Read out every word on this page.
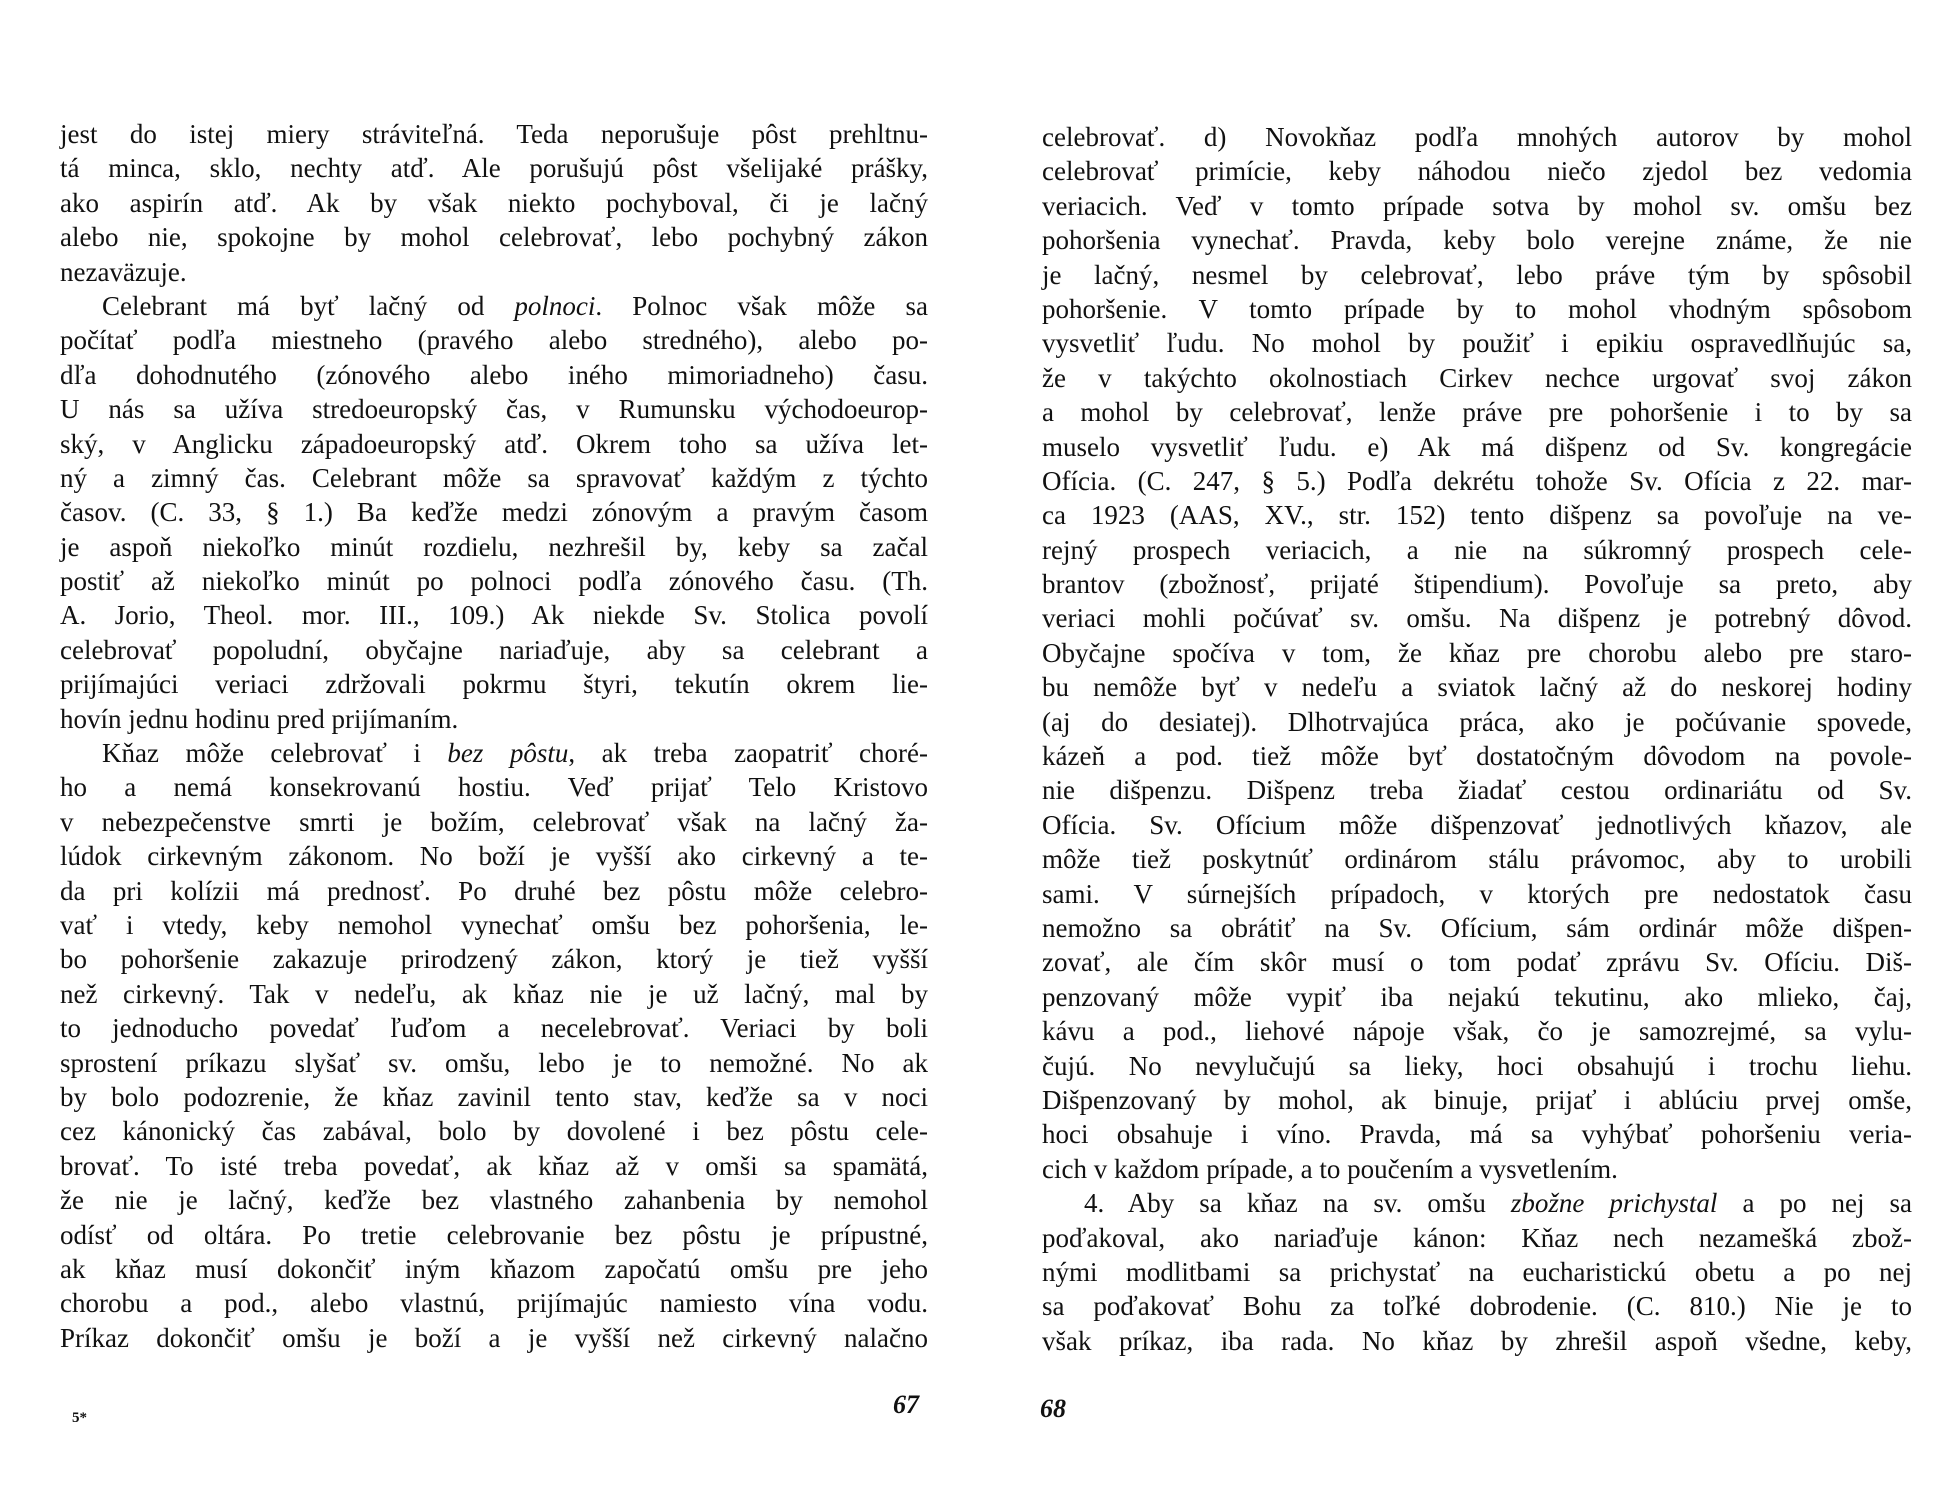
jest do istej miery stráviteľná. Teda neporušuje pôst prehltnu-
tá minca, sklo, nechty atď. Ale porušujú pôst všelijaké prášky,
ako aspirín atď. Ak by však niekto pochyboval, či je lačný
alebo nie, spokojne by mohol celebrovať, lebo pochybný zákon
nezaväzuje.
Celebrant má byť lačný od polnoci. Polnoc však môže sa
počítať podľa miestneho (pravého alebo stredného), alebo po-
dľa dohodnutého (zónového alebo iného mimoriadneho) času.
U nás sa užíva stredoeuropský čas, v Rumunsku východoeurop-
ský, v Anglicku západoeuropský atď. Okrem toho sa užíva let-
ný a zimný čas. Celebrant môže sa spravovať každým z týchto
časov. (C. 33, § 1.) Ba keďže medzi zónovým a pravým časom
je aspoň niekoľko minút rozdielu, nezhrešil by, keby sa začal
postiť až niekoľko minút po polnoci podľa zónového času. (Th.
A. Jorio, Theol. mor. III., 109.) Ak niekde Sv. Stolica povolí
celebrovať popoludní, obyčajne nariaďuje, aby sa celebrant a
prijímajúci veriaci zdržovali pokrmu štyri, tekutín okrem lie-
hovín jednu hodinu pred prijímaním.
Kňaz môže celebrovať i bez pôstu, ak treba zaopatriť choré-
ho a nemá konsekrovanú hostiu. Veď prijať Telo Kristovo
v nebezpečenstve smrti je božím, celebrovať však na lačný ža-
lúdok cirkevným zákonom. No boží je vyšší ako cirkevný a te-
da pri kolízii má prednosť. Po druhé bez pôstu môže celebro-
vať i vtedy, keby nemohol vynechať omšu bez pohoršenia, le-
bo pohoršenie zakazuje prirodzený zákon, ktorý je tiež vyšší
než cirkevný. Tak v nedeľu, ak kňaz nie je už lačný, mal by
to jednoducho povedať ľuďom a necelebrovať. Veriaci by boli
sprostení príkazu slyšať sv. omšu, lebo je to nemožné. No ak
by bolo podozrenie, že kňaz zavinil tento stav, keďže sa v noci
cez kánonický čas zabával, bolo by dovolené i bez pôstu cele-
brovať. To isté treba povedať, ak kňaz až v omši sa spamätá,
že nie je lačný, keďže bez vlastného zahanbenia by nemohol
odísť od oltára. Po tretie celebrovanie bez pôstu je prípustné,
ak kňaz musí dokončiť iným kňazom započatú omšu pre jeho
chorobu a pod., alebo vlastnú, prijímajúc namiesto vína vodu.
Príkaz dokončiť omšu je boží a je vyšší než cirkevný nalačno
celebrovať. d) Novokňaz podľa mnohých autorov by mohol
celebrovať primície, keby náhodou niečo zjedol bez vedomia
veriacich. Veď v tomto prípade sotva by mohol sv. omšu bez
pohoršenia vynechať. Pravda, keby bolo verejne známe, že nie
je lačný, nesmel by celebrovať, lebo práve tým by spôsobil
pohoršenie. V tomto prípade by to mohol vhodným spôsobom
vysvetliť ľudu. No mohol by použiť i epikiu ospravedlňujúc sa,
že v takýchto okolnostiach Cirkev nechce urgovať svoj zákon
a mohol by celebrovať, lenže práve pre pohoršenie i to by sa
muselo vysvetliť ľudu. e) Ak má dišpenz od Sv. kongregácie
Ofícia. (C. 247, § 5.) Podľa dekrétu tohože Sv. Ofícia z 22. mar-
ca 1923 (AAS, XV., str. 152) tento dišpenz sa povoľuje na ve-
rejný prospech veriacich, a nie na súkromný prospech cele-
brantov (zbožnosť, prijaté štipendium). Povoľuje sa preto, aby
veriaci mohli počúvať sv. omšu. Na dišpenz je potrebný dôvod.
Obyčajne spočíva v tom, že kňaz pre chorobu alebo pre staro-
bu nemôže byť v nedeľu a sviatok lačný až do neskorej hodiny
(aj do desiatej). Dlhotrvajúca práca, ako je počúvanie spovede,
kázeň a pod. tiež môže byť dostatočným dôvodom na povole-
nie dišpenzu. Dišpenz treba žiadať cestou ordinariátu od Sv.
Ofícia. Sv. Ofícium môže dišpenzovať jednotlivých kňazov, ale
môže tiež poskytnúť ordinárom stálu právomoc, aby to urobili
sami. V súrnejších prípadoch, v ktorých pre nedostatok času
nemožno sa obrátiť na Sv. Ofícium, sám ordinár môže dišpen-
zovať, ale čím skôr musí o tom podať zprávu Sv. Ofíciu. Diš-
penzovaný môže vypiť iba nejakú tekutinu, ako mlieko, čaj,
kávu a pod., liehové nápoje však, čo je samozrejmé, sa vylu-
čujú. No nevylučujú sa lieky, hoci obsahujú i trochu liehu.
Dišpenzovaný by mohol, ak binuje, prijať i ablúciu prvej omše,
hoci obsahuje i víno. Pravda, má sa vyhýbať pohoršeniu veria-
cich v každom prípade, a to poučením a vysvetlením.
4. Aby sa kňaz na sv. omšu zbožne prichystal a po nej sa
poďakoval, ako nariaďuje kánon: Kňaz nech nezamešká zbož-
nými modlitbami sa prichystať na eucharistickú obetu a po nej
sa poďakovať Bohu za toľké dobrodenie. (C. 810.) Nie je to
však príkaz, iba rada. No kňaz by zhrešil aspoň všedne, keby,
5*	67	68
